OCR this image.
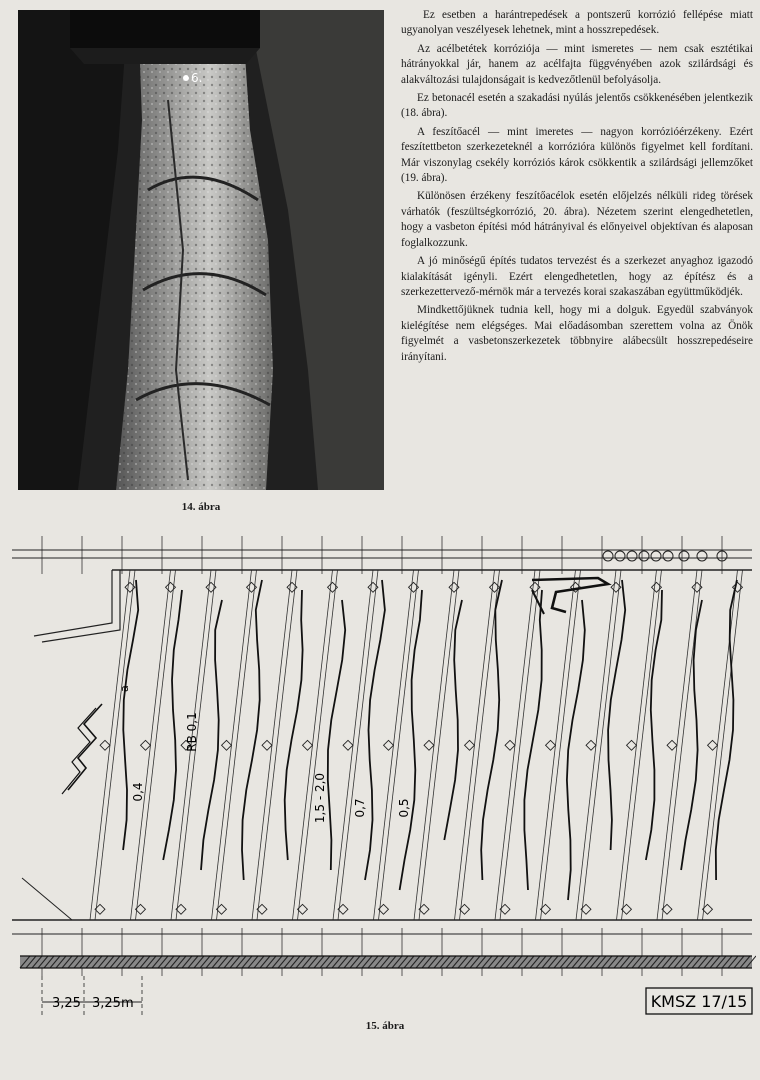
6.
14. ábra

Ez esetben a harántrepedések a pontszerű korrózió fellépése miatt ugyanolyan veszélyesek lehetnek, mint a hosszrepedések.

Az acélbetétek korróziója — mint ismeretes — nem csak esztétikai hátrányokkal jár, hanem az acélfajta függvényében azok szilárdsági és alakváltozási tulajdonságait is kedvezőtlenül befolyásolja.

Ez betonacél esetén a szakadási nyúlás jelentős csökkenésében jelentkezik (18. ábra).

A feszítőacél — mint imeretes — nagyon korrózióérzékeny. Ezért feszítettbeton szerkezeteknél a korrózióra különös figyelmet kell fordítani. Már viszonylag csekély korróziós károk csökkentik a szilárdsági jellemzőket (19. ábra).

Különösen érzékeny feszítőacélok esetén előjelzés nélküli rideg törések várhatók (feszültségkorrózió, 20. ábra). Nézetem szerint elengedhetetlen, hogy a vasbeton építési mód hátrányival és előnyeivel objektívan és alaposan foglalkozzunk.

A jó minőségű építés tudatos tervezést és a szerkezet anyaghoz igazodó kialakítását igényli. Ezért elengedhetetlen, hogy az építész és a szerkezettervező-mérnök már a tervezés korai szakaszában együttműködjék.

Mindkettőjüknek tudnia kell, hogy mi a dolguk. Egyedül szabványok kielégítése nem elégséges. Mai előadásomban szerettem volna az Önök figyelmét a vasbetonszerkezetek többnyire alábecsült hosszrepedéseire irányítani.

a
RB 0,1
0,4	1,5 - 2,0 0,7	0,5
3,25 3,25m	KMSZ 17/15
15. ábra
